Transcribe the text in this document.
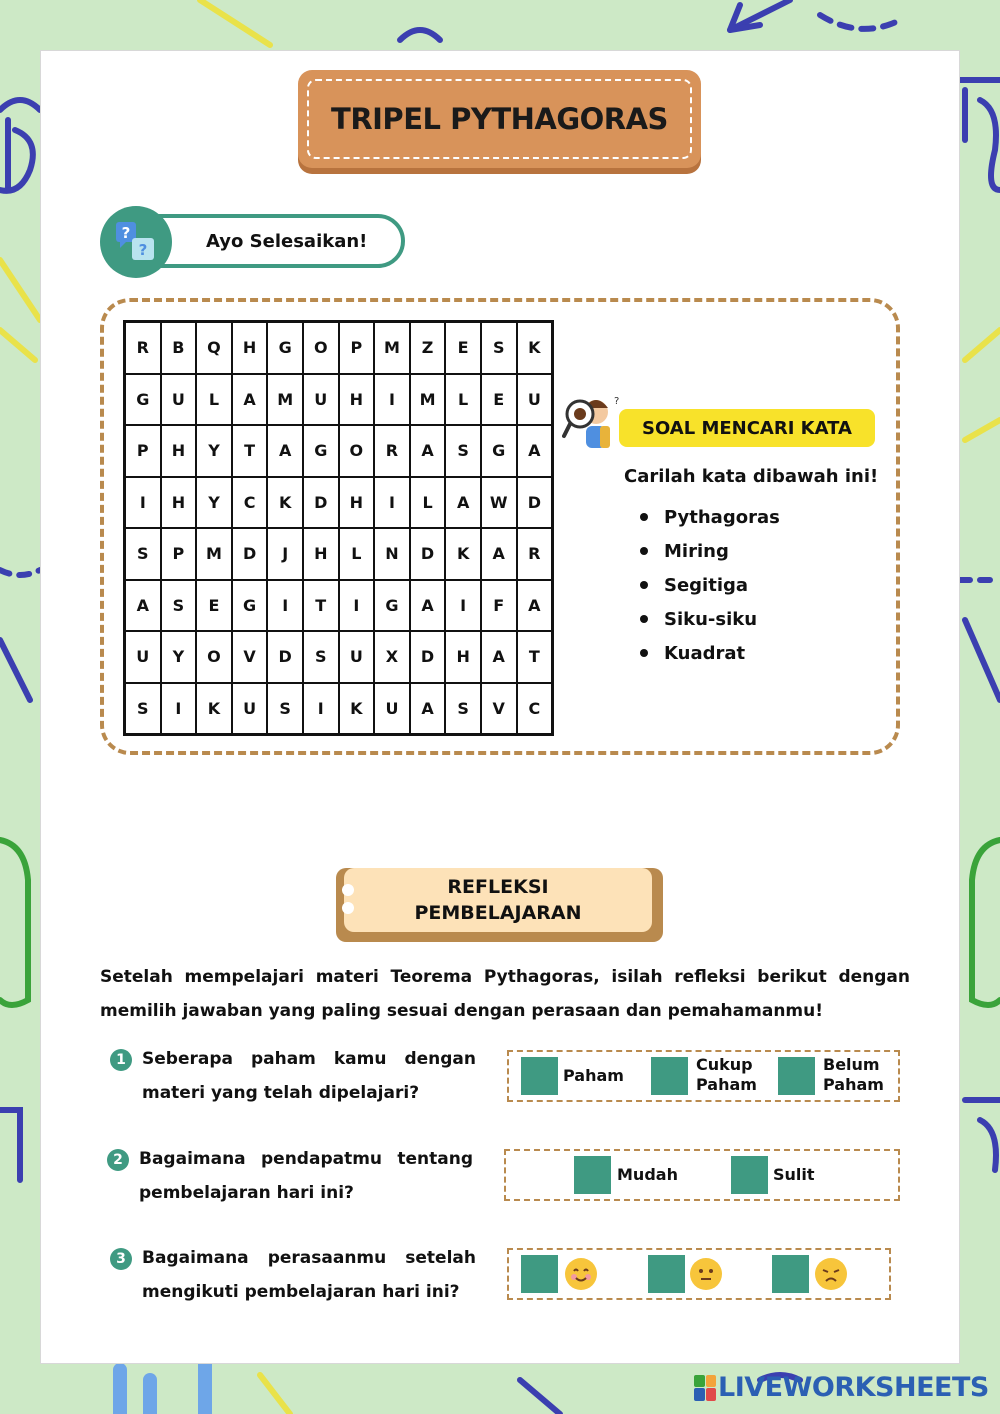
TRIPEL PYTHAGORAS
Ayo Selesaikan!
?
?
R	B	Q	H	G	O	P	M	Z	E	S	K
G	U	L	A	M	U	H	I	M	L	E	U
P	H	Y	T	A	G	O	R	A	S	G	A
I	H	Y	C	K	D	H	I	L	A	W	D
S	P	M	D	J	H	L	N	D	K	A	R
A	S	E	G	I	T	I	G	A	I	F	A
U	Y	O	V	D	S	U	X	D	H	A	T
S	I	K	U	S	I	K	U	A	S	V	C
?
SOAL MENCARI KATA
Carilah kata dibawah ini!
Pythagoras
Miring
Segitiga
Siku-siku
Kuadrat
REFLEKSI
PEMBELAJARAN
Setelah mempelajari materi Teorema Pythagoras, isilah refleksi berikut dengan memilih jawaban yang paling sesuai dengan perasaan dan pemahamanmu!
1 Seberapa paham kamu dengan
materi yang telah dipelajari?
Paham
Cukup
Paham
Belum
Paham
2 Bagaimana pendapatmu tentang
pembelajaran hari ini?
Mudah	Sulit
3 Bagaimana perasaanmu setelah
mengikuti pembelajaran hari ini?
LIVEWORKSHEETS
